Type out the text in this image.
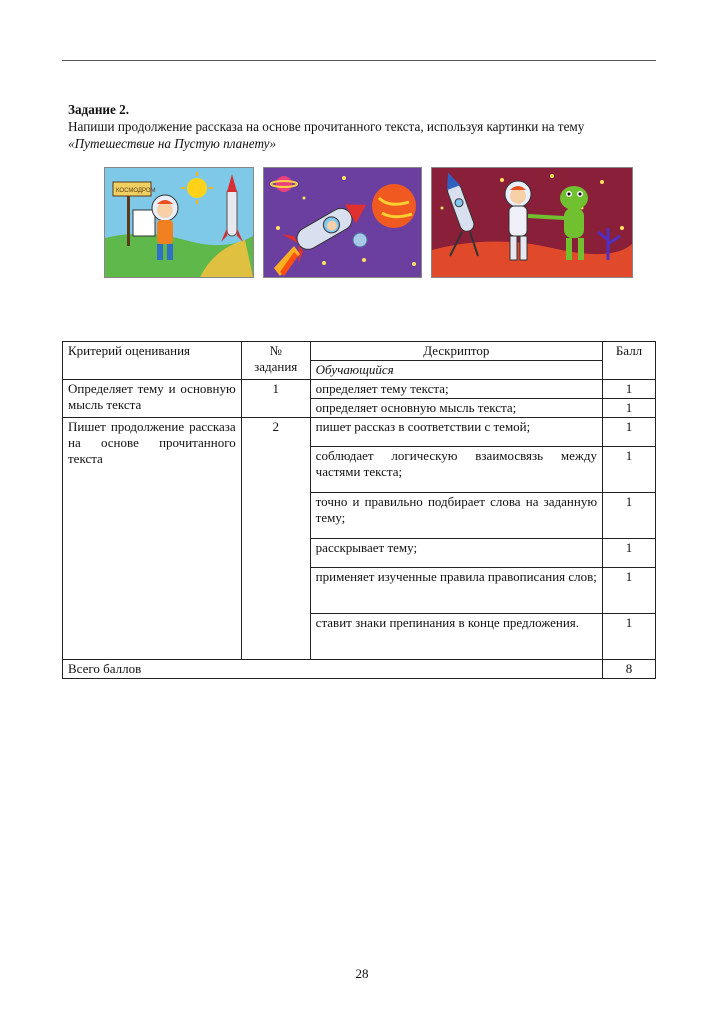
Задание 2.
Напиши продолжение рассказа на основе прочитанного текста, используя картинки на тему
«Путешествие на Пустую планету»
КОСМОДРОМ
Критерий оценивания	№ задания	Дескриптор	Балл
		Обучающийся	
Определяет тему и основную мысль текста	1	определяет тему текста;	1
		определяет основную мысль текста;	1
Пишет продолжение рассказа на основе прочитанного текста	2	пишет рассказ в соответствии с темой;	1
		соблюдает логическую взаимосвязь между частями текста;	1
		точно и правильно подбирает слова на заданную тему;	1
		расскрывает тему;	1
		применяет изученные правила правописания слов;	1
		ставит знаки препинания в конце предложения.	1
Всего баллов			8
28
